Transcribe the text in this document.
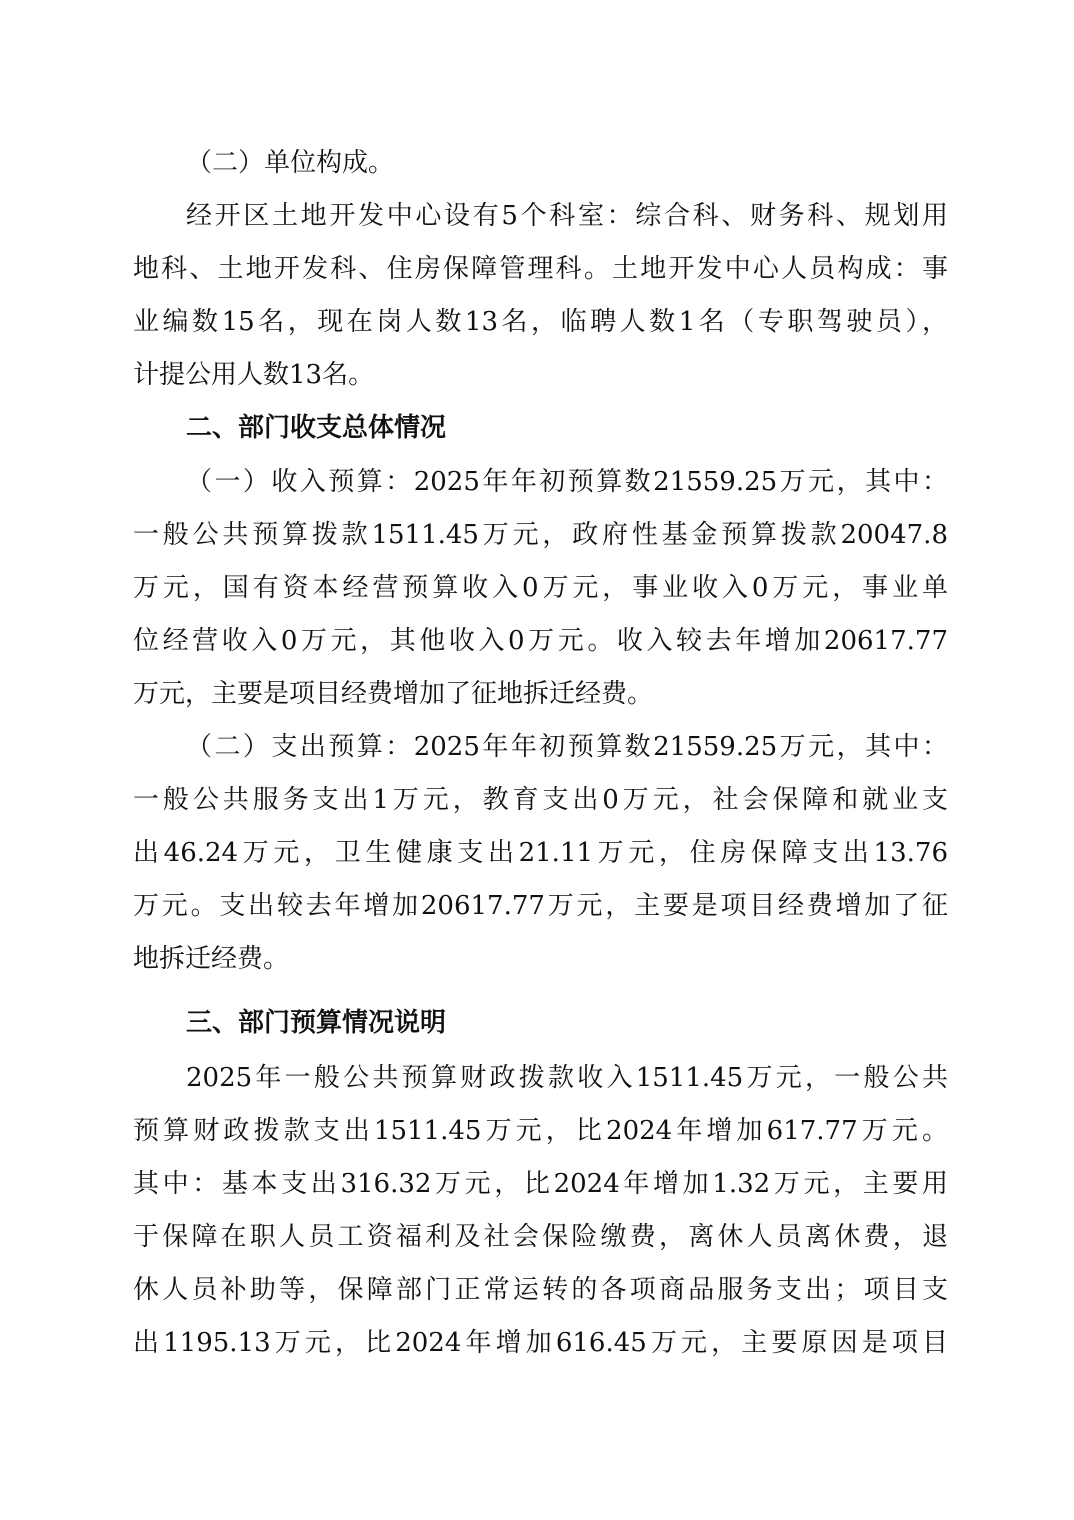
（二）单位构成。
经开区土地开发中心设有5个科室：综合科、财务科、规划用
地科、土地开发科、住房保障管理科。土地开发中心人员构成：事
业编数15名，现在岗人数13名，临聘人数1名（专职驾驶员），
计提公用人数13名。
二、部门收支总体情况
（一）收入预算：2025年年初预算数21559.25万元，其中：
一般公共预算拨款1511.45万元，政府性基金预算拨款20047.8
万元，国有资本经营预算收入0万元，事业收入0万元，事业单
位经营收入0万元，其他收入0万元。收入较去年增加20617.77
万元，主要是项目经费增加了征地拆迁经费。
（二）支出预算：2025年年初预算数21559.25万元，其中：
一般公共服务支出1万元，教育支出0万元，社会保障和就业支
出46.24万元，卫生健康支出21.11万元，住房保障支出13.76
万元。支出较去年增加20617.77万元，主要是项目经费增加了征
地拆迁经费。
三、部门预算情况说明
2025年一般公共预算财政拨款收入1511.45万元，一般公共
预算财政拨款支出1511.45万元，比2024年增加617.77万元。
其中：基本支出316.32万元，比2024年增加1.32万元，主要用
于保障在职人员工资福利及社会保险缴费，离休人员离休费，退
休人员补助等，保障部门正常运转的各项商品服务支出；项目支
出1195.13万元，比2024年增加616.45万元，主要原因是项目
